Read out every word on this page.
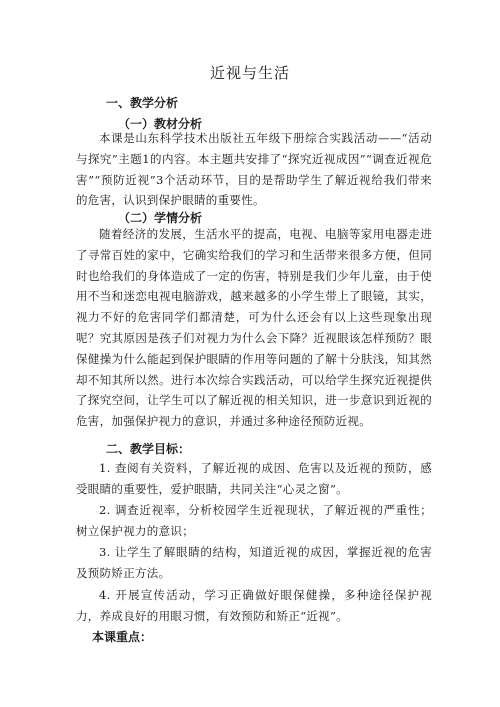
近视与生活
一、教学分析
（一）教材分析

本课是山东科学技术出版社五年级下册综合实践活动——“活动与探究”主题1的内容。本主题共安排了“探究近视成因”“调查近视危害”“预防近视”3个活动环节，目的是帮助学生了解近视给我们带来的危害，认识到保护眼睛的重要性。

（二）学情分析

随着经济的发展，生活水平的提高，电视、电脑等家用电器走进了寻常百姓的家中，它确实给我们的学习和生活带来很多方便，但同时也给我们的身体造成了一定的伤害，特别是我们少年儿童，由于使用不当和迷恋电视电脑游戏，越来越多的小学生带上了眼镜，其实，视力不好的危害同学们都清楚，可为什么还会有以上这些现象出现呢？究其原因是孩子们对视力为什么会下降？近视眼该怎样预防？眼保健操为什么能起到保护眼睛的作用等问题的了解十分肤浅，知其然却不知其所以然。进行本次综合实践活动，可以给学生探究近视提供了探究空间，让学生可以了解近视的相关知识，进一步意识到近视的危害，加强保护视力的意识，并通过多种途径预防近视。

二、教学目标：

1. 查阅有关资料，了解近视的成因、危害以及近视的预防，感受眼睛的重要性，爱护眼睛，共同关注“心灵之窗”。

2. 调查近视率，分析校园学生近视现状，了解近视的严重性；树立保护视力的意识；

3. 让学生了解眼睛的结构，知道近视的成因，掌握近视的危害及预防矫正方法。

4. 开展宣传活动，学习正确做好眼保健操，多种途径保护视力，养成良好的用眼习惯，有效预防和矫正“近视”。

本课重点：
